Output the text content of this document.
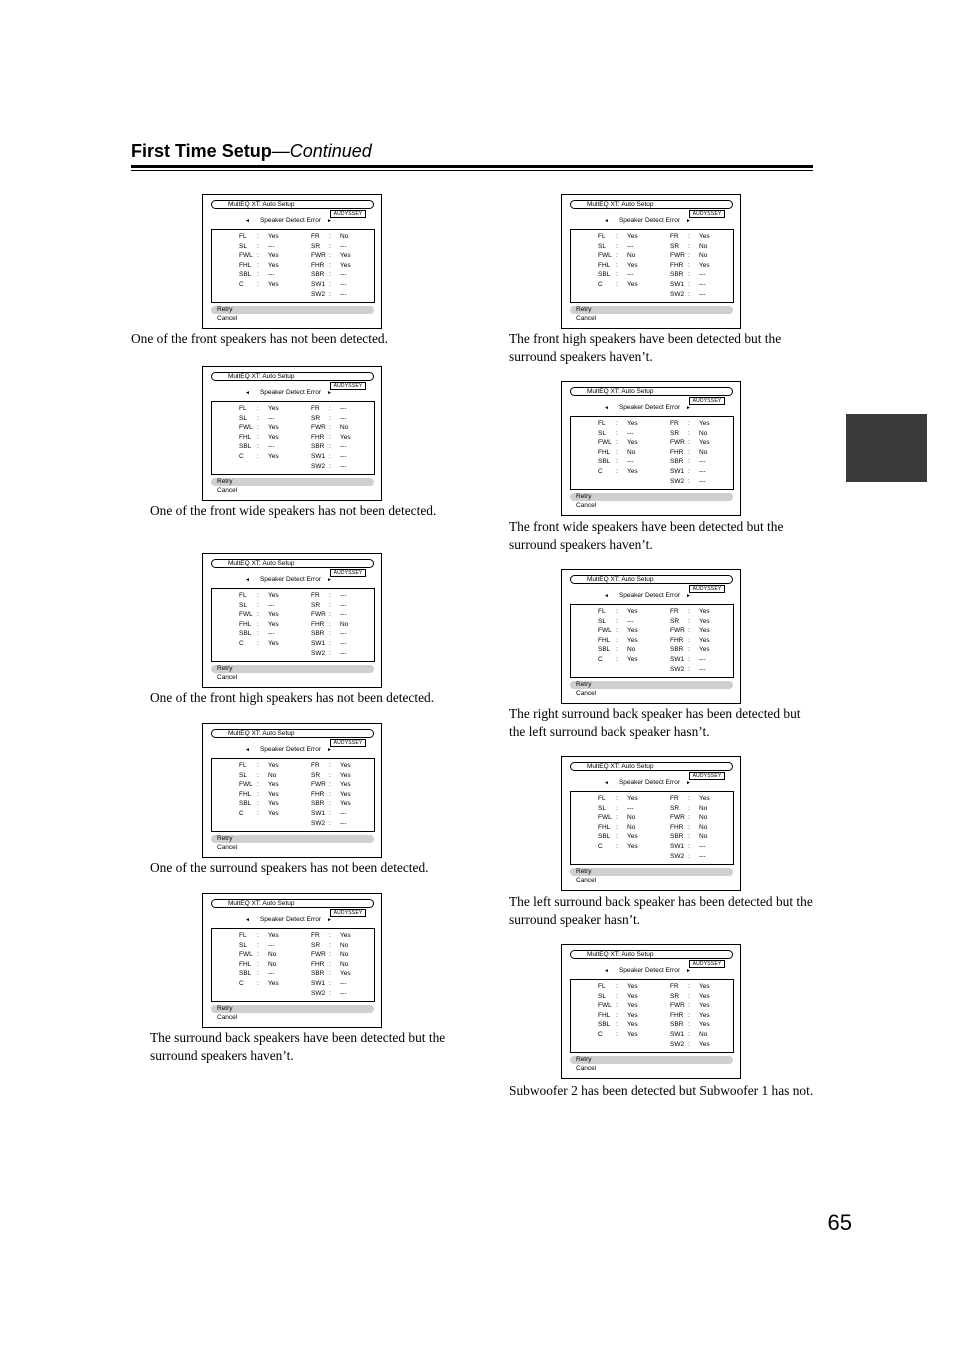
First Time Setup—Continued
MultEQ XT: Auto Setup
AUDYSSEY
◄ Speaker Detect Error ►
FL : Yes
SL : ---
FWL : Yes
FHL : Yes
SBL : ---
C : Yes
FR : No
SR : ---
FWR : Yes
FHR : Yes
SBR : ---
SW1 : ---
SW2 : ---
Retry
Cancel
One of the front speakers has not been detected.
MultEQ XT: Auto Setup
AUDYSSEY
◄ Speaker Detect Error ►
FL : Yes
SL : ---
FWL : Yes
FHL : Yes
SBL : ---
C : Yes
FR : ---
SR : ---
FWR : No
FHR : Yes
SBR : ---
SW1 : ---
SW2 : ---
Retry
Cancel
One of the front wide speakers has not been detected.
MultEQ XT: Auto Setup
AUDYSSEY
◄ Speaker Detect Error ►
FL : Yes
SL : ---
FWL : Yes
FHL : Yes
SBL : ---
C : Yes
FR : ---
SR : ---
FWR : ---
FHR : No
SBR : ---
SW1 : ---
SW2 : ---
Retry
Cancel
One of the front high speakers has not been detected.
MultEQ XT: Auto Setup
AUDYSSEY
◄ Speaker Detect Error ►
FL : Yes
SL : No
FWL : Yes
FHL : Yes
SBL : Yes
C : Yes
FR : Yes
SR : Yes
FWR : Yes
FHR : Yes
SBR : Yes
SW1 : ---
SW2 : ---
Retry
Cancel
One of the surround speakers has not been detected.
MultEQ XT: Auto Setup
AUDYSSEY
◄ Speaker Detect Error ►
FL : Yes
SL : ---
FWL : No
FHL : No
SBL : ---
C : Yes
FR : Yes
SR : No
FWR : No
FHR : No
SBR : Yes
SW1 : ---
SW2 : ---
Retry
Cancel
The surround back speakers have been detected but the surround speakers haven’t.
MultEQ XT: Auto Setup
AUDYSSEY
◄ Speaker Detect Error ►
FL : Yes
SL : ---
FWL : No
FHL : Yes
SBL : ---
C : Yes
FR : Yes
SR : No
FWR : No
FHR : Yes
SBR : ---
SW1 : ---
SW2 : ---
Retry
Cancel
The front high speakers have been detected but the surround speakers haven’t.
MultEQ XT: Auto Setup
AUDYSSEY
◄ Speaker Detect Error ►
FL : Yes
SL : ---
FWL : Yes
FHL : No
SBL : ---
C : Yes
FR : Yes
SR : No
FWR : Yes
FHR : No
SBR : ---
SW1 : ---
SW2 : ---
Retry
Cancel
The front wide speakers have been detected but the surround speakers haven’t.
MultEQ XT: Auto Setup
AUDYSSEY
◄ Speaker Detect Error ►
FL : Yes
SL : ---
FWL : Yes
FHL : Yes
SBL : No
C : Yes
FR : Yes
SR : Yes
FWR : Yes
FHR : Yes
SBR : Yes
SW1 : ---
SW2 : ---
Retry
Cancel
The right surround back speaker has been detected but the left surround back speaker hasn’t.
MultEQ XT: Auto Setup
AUDYSSEY
◄ Speaker Detect Error ►
FL : Yes
SL : ---
FWL : No
FHL : No
SBL : Yes
C : Yes
FR : Yes
SR : No
FWR : No
FHR : No
SBR : No
SW1 : ---
SW2 : ---
Retry
Cancel
The left surround back speaker has been detected but the surround speaker hasn’t.
MultEQ XT: Auto Setup
AUDYSSEY
◄ Speaker Detect Error ►
FL : Yes
SL : Yes
FWL : Yes
FHL : Yes
SBL : Yes
C : Yes
FR : Yes
SR : Yes
FWR : Yes
FHR : Yes
SBR : Yes
SW1 : No
SW2 : Yes
Retry
Cancel
Subwoofer 2 has been detected but Subwoofer 1 has not.
65
